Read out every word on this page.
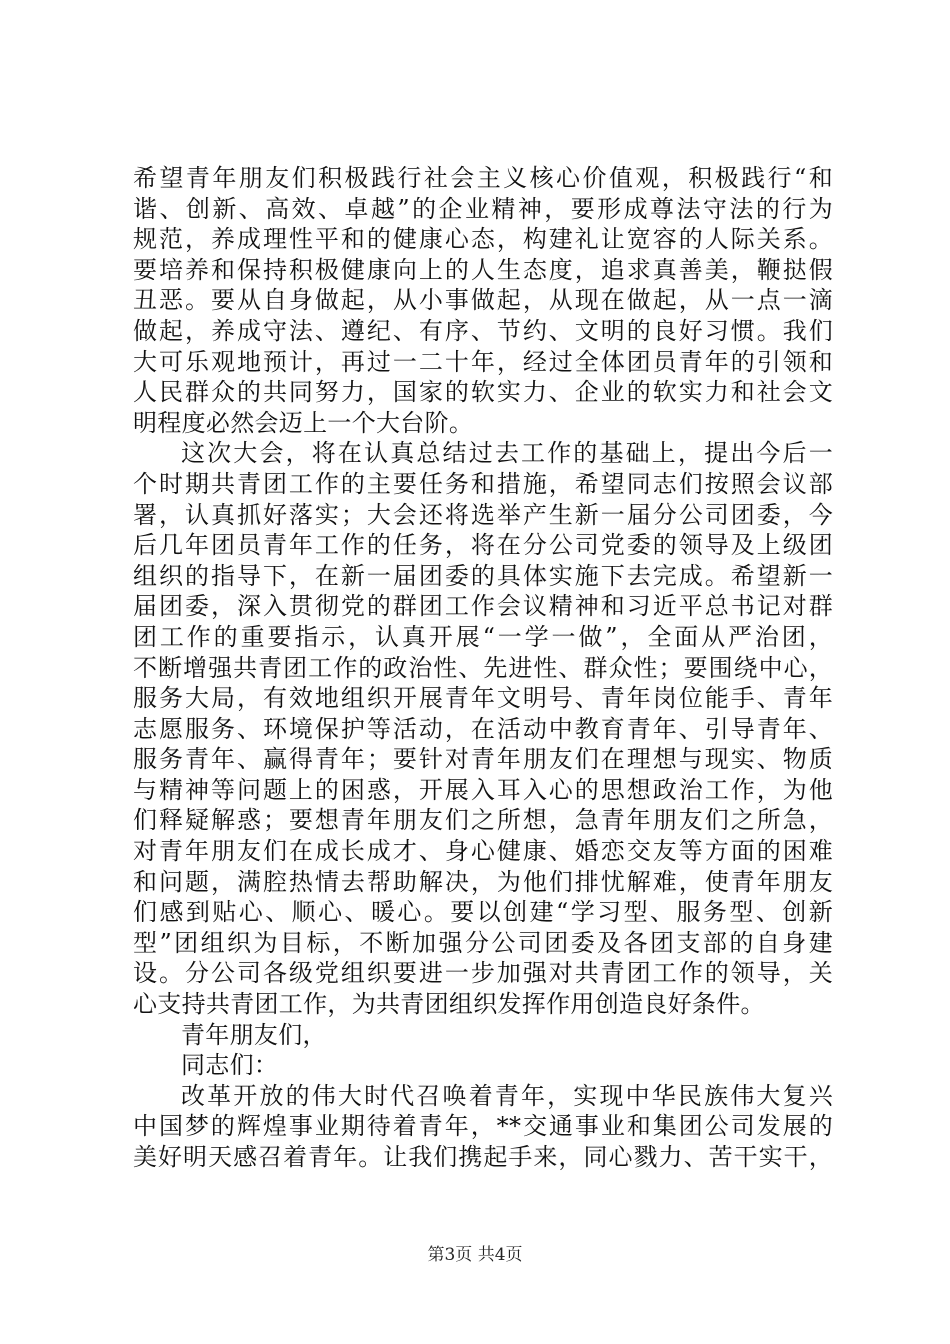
希望青年朋友们积极践行社会主义核心价值观，积极践行“和
谐、创新、高效、卓越”的企业精神，要形成尊法守法的行为
规范，养成理性平和的健康心态，构建礼让宽容的人际关系。
要培养和保持积极健康向上的人生态度，追求真善美，鞭挞假
丑恶。要从自身做起，从小事做起，从现在做起，从一点一滴
做起，养成守法、遵纪、有序、节约、文明的良好习惯。我们
大可乐观地预计，再过一二十年，经过全体团员青年的引领和
人民群众的共同努力，国家的软实力、企业的软实力和社会文
明程度必然会迈上一个大台阶。
这次大会，将在认真总结过去工作的基础上，提出今后一
个时期共青团工作的主要任务和措施，希望同志们按照会议部
署，认真抓好落实；大会还将选举产生新一届分公司团委，今
后几年团员青年工作的任务，将在分公司党委的领导及上级团
组织的指导下，在新一届团委的具体实施下去完成。希望新一
届团委，深入贯彻党的群团工作会议精神和习近平总书记对群
团工作的重要指示，认真开展“一学一做”，全面从严治团，
不断增强共青团工作的政治性、先进性、群众性；要围绕中心，
服务大局，有效地组织开展青年文明号、青年岗位能手、青年
志愿服务、环境保护等活动，在活动中教育青年、引导青年、
服务青年、赢得青年；要针对青年朋友们在理想与现实、物质
与精神等问题上的困惑，开展入耳入心的思想政治工作，为他
们释疑解惑；要想青年朋友们之所想，急青年朋友们之所急，
对青年朋友们在成长成才、身心健康、婚恋交友等方面的困难
和问题，满腔热情去帮助解决，为他们排忧解难，使青年朋友
们感到贴心、顺心、暖心。要以创建“学习型、服务型、创新
型”团组织为目标，不断加强分公司团委及各团支部的自身建
设。分公司各级党组织要进一步加强对共青团工作的领导，关
心支持共青团工作，为共青团组织发挥作用创造良好条件。
青年朋友们，
同志们：
改革开放的伟大时代召唤着青年，实现中华民族伟大复兴
中国梦的辉煌事业期待着青年，**交通事业和集团公司发展的
美好明天感召着青年。让我们携起手来，同心戮力、苦干实干，
第3页 共4页
